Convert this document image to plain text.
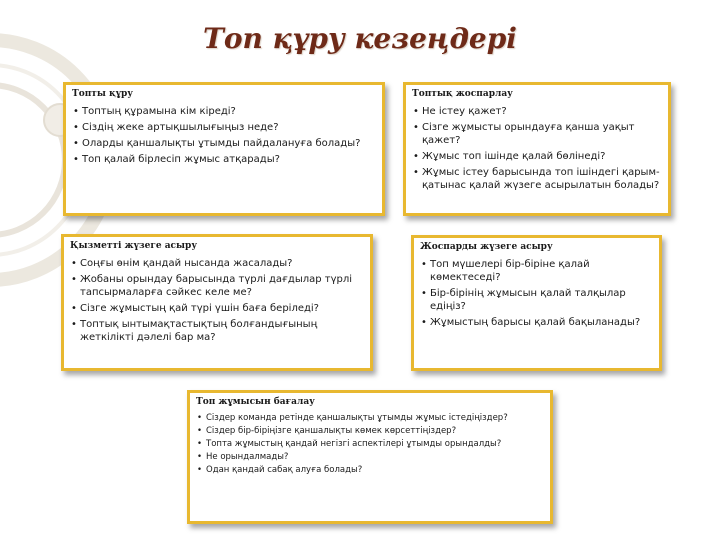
Топ құру кезеңдері
Топты құру
• Топтың құрамына кім кіреді?
• Сіздің жеке артықшылығыңыз неде?
• Оларды қаншалықты ұтымды пайдалануға болады?
• Топ қалай бірлесіп жұмыс атқарады?
Топтық жоспарлау
• Не істеу қажет?
• Сізге жұмысты орындауға қанша уақыт қажет?
• Жұмыс топ ішінде қалай бөлінеді?
• Жұмыс істеу барысында топ ішіндегі қарым- қатынас қалай жүзеге асырылатын болады?
Қызметті жүзеге асыру
• Соңғы өнім қандай нысанда жасалады?
• Жобаны орындау барысында түрлі дағдылар түрлі тапсырмаларға сәйкес келе ме?
• Сізге жұмыстың қай түрі үшін баға беріледі?
• Топтық ынтымақтастықтың болғандығының жеткілікті дәлелі бар ма?
Жоспарды жүзеге асыру
• Топ мүшелері бір-біріне қалай көмектеседі?
• Бір-бірінің жұмысын қалай талқылар едіңіз?
• Жұмыстың барысы қалай бақыланады?
Топ жұмысын бағалау
• Сіздер команда ретінде қаншалықты ұтымды жұмыс істедіңіздер?
• Сіздер бір-біріңізге қаншалықты көмек көрсеттіңіздер?
• Топта жұмыстың қандай негізгі аспектілері ұтымды орындалды?
• Не орындалмады?
• Одан қандай сабақ алуға болады?
